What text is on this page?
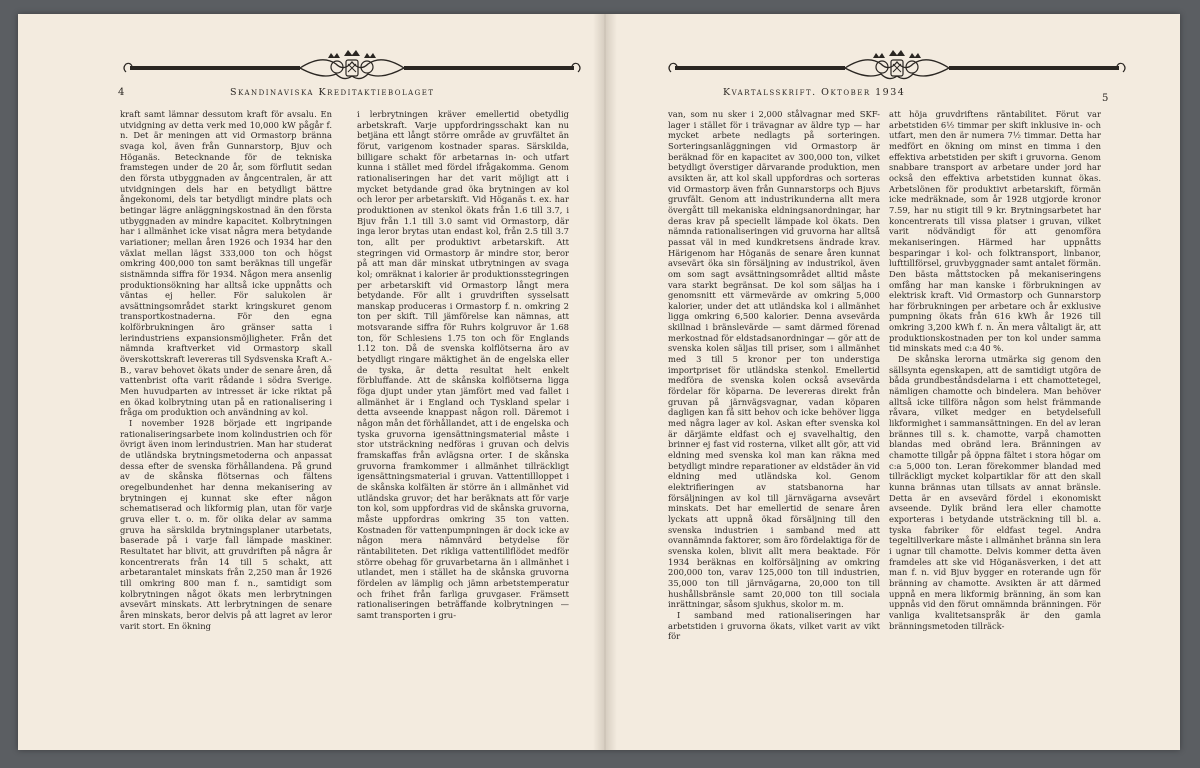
4	Skandinaviska Kreditaktiebolaget

kraft samt lämnar dessutom kraft för avsalu. En utvidgning av detta verk med 10,000 kW pågår f. n. Det är meningen att vid Ormastorp bränna svaga kol, även från Gunnarstorp, Bjuv och Höganäs. Betecknande för de tekniska framstegen under de 20 år, som förflutit sedan den första utbyggnaden av ångcentralen, är att utvidgningen dels har en betydligt bättre ångekonomi, dels tar betydligt mindre plats och betingar lägre anläggningskostnad än den första utbyggnaden av mindre kapacitet. Kolbrytningen har i allmänhet icke visat några mera betydande variationer; mellan åren 1926 och 1934 har den växlat mellan lägst 333,000 ton och högst omkring 400,000 ton samt beräknas till ungefär sistnämnda siffra för 1934. Någon mera ansenlig produktionsökning har alltså icke uppnåtts och väntas ej heller. För salukolen är avsättningsområdet starkt kringskuret genom transportkostnaderna. För den egna kolförbrukningen äro gränser satta i lerindustriens expansionsmöjligheter. Från det nämnda kraftverket vid Ormastorp skall överskottskraft levereras till Sydsvenska Kraft A.-B., varav behovet ökats under de senare åren, då vattenbrist ofta varit rådande i södra Sverige. Men huvudparten av intresset är icke riktat på en ökad kolbrytning utan på en rationalisering i fråga om produktion och användning av kol.

I november 1928 började ett ingripande rationaliseringsarbete inom kolindustrien och för övrigt även inom lerindustrien. Man har studerat de utländska brytningsmetoderna och anpassat dessa efter de svenska förhållandena. På grund av de skånska flötsernas och fältens oregelbundenhet har denna mekanisering av brytningen ej kunnat ske efter någon schematiserad och likformig plan, utan för varje gruva eller t. o. m. för olika delar av samma gruva ha särskilda brytningsplaner utarbetats, baserade på i varje fall lämpade maskiner. Resultatet har blivit, att gruvdriften på några år koncentrerats från 14 till 5 schakt, att arbetarantalet minskats från 2,250 man år 1926 till omkring 800 man f. n., samtidigt som kolbrytningen något ökats men lerbrytningen avsevärt minskats. Att lerbrytningen de senare åren minskats, beror delvis på att lagret av leror varit stort. En ökning

i lerbrytningen kräver emellertid obetydlig arbetskraft. Varje uppfordringsschakt kan nu betjäna ett långt större område av gruvfältet än förut, varigenom kostnader sparas. Särskilda, billigare schakt för arbetarnas in- och utfart kunna i stället med fördel ifrågakomma. Genom rationaliseringen har det varit möjligt att i mycket betydande grad öka brytningen av kol och leror per arbetarskift. Vid Höganäs t. ex. har produktionen av stenkol ökats från 1.6 till 3.7, i Bjuv från 1.1 till 3.0 samt vid Ormastorp, där inga leror brytas utan endast kol, från 2.5 till 3.7 ton, allt per produktivt arbetarskift. Att stegringen vid Ormastorp är mindre stor, beror på att man där minskat utbrytningen av svaga kol; omräknat i kalorier är produktionsstegringen per arbetarskift vid Ormastorp långt mera betydande. För allt i gruvdriften sysselsatt manskap produceras i Ormastorp f. n. omkring 2 ton per skift. Till jämförelse kan nämnas, att motsvarande siffra för Ruhrs kolgruvor är 1.68 ton, för Schlesiens 1.75 ton och för Englands 1.12 ton. Då de svenska kolflötserna äro av betydligt ringare mäktighet än de engelska eller de tyska, är detta resultat helt enkelt förbluffande. Att de skånska kolflötserna ligga föga djupt under ytan jämfört med vad fallet i allmänhet är i England och Tyskland spelar i detta avseende knappast någon roll. Däremot i någon mån det förhållandet, att i de engelska och tyska gruvorna igensättningsmaterial måste i stor utsträckning nedföras i gruvan och delvis framskaffas från avlägsna orter. I de skånska gruvorna framkommer i allmänhet tillräckligt igensättningsmaterial i gruvan. Vattentillloppet i de skånska kolfälten är större än i allmänhet vid utländska gruvor; det har beräknats att för varje ton kol, som uppfordras vid de skånska gruvorna, måste uppfordras omkring 35 ton vatten. Kostnaden för vattenpumpningen är dock icke av någon mera nämnvärd betydelse för räntabiliteten. Det rikliga vattentillflödet medför större obehag för gruvarbetarna än i allmänhet i utlandet, men i stället ha de skånska gruvorna fördelen av lämplig och jämn arbetstemperatur och frihet från farliga gruvgaser. Främsett rationaliseringen beträffande kolbrytningen — samt transporten i gru-

Kvartalsskrift. Oktober 1934
5

van, som nu sker i 2,000 stålvagnar med SKF-lager i stället för i trävagnar av äldre typ — har mycket arbete nedlagts på sorteringen. Sorteringsanläggningen vid Ormastorp är beräknad för en kapacitet av 300,000 ton, vilket betydligt överstiger därvarande produktion, men avsikten är, att kol skall uppfordras och sorteras vid Ormastorp även från Gunnarstorps och Bjuvs gruvfält. Genom att industrikunderna allt mera övergått till mekaniska eldningsanordningar, har deras krav på speciellt lämpade kol ökats. Den nämnda rationaliseringen vid gruvorna har alltså passat väl in med kundkretsens ändrade krav. Härigenom har Höganäs de senare åren kunnat avsevärt öka sin försäljning av industrikol, även om som sagt avsättningsområdet alltid måste vara starkt begränsat. De kol som säljas ha i genomsnitt ett värmevärde av omkring 5,000 kalorier, under det att utländska kol i allmänhet ligga omkring 6,500 kalorier. Denna avsevärda skillnad i bränslevärde — samt därmed förenad merkostnad för eldstadsanordningar — gör att de svenska kolen säljas till priser, som i allmänhet med 3 till 5 kronor per ton understiga importpriset för utländska stenkol. Emellertid medföra de svenska kolen också avsevärda fördelar för köparna. De levereras direkt från gruvan på järnvägsvagnar, vadan köparen dagligen kan få sitt behov och icke behöver ligga med några lager av kol. Askan efter svenska kol är därjämte eldfast och ej svavelhaltig, den brinner ej fast vid rosterna, vilket allt gör, att vid eldning med svenska kol man kan räkna med betydligt mindre reparationer av eldstäder än vid eldning med utländska kol. Genom elektrifieringen av statsbanorna har försäljningen av kol till järnvägarna avsevärt minskats. Det har emellertid de senare åren lyckats att uppnå ökad försäljning till den svenska industrien i samband med att ovannämnda faktorer, som äro fördelaktiga för de svenska kolen, blivit allt mera beaktade. För 1934 beräknas en kolförsäljning av omkring 200,000 ton, varav 125,000 ton till industrien, 35,000 ton till järnvägarna, 20,000 ton till hushållsbränsle samt 20,000 ton till sociala inrättningar, såsom sjukhus, skolor m. m.

I samband med rationaliseringen har arbetstiden i gruvorna ökats, vilket varit av vikt för

att höja gruvdriftens räntabilitet. Förut var arbetstiden 6½ timmar per skift inklusive in- och utfart, men den är numera 7½ timmar. Detta har medfört en ökning om minst en timma i den effektiva arbetstiden per skift i gruvorna. Genom snabbare transport av arbetare under jord har också den effektiva arbetstiden kunnat ökas. Arbetslönen för produktivt arbetarskift, förmän icke medräknade, som år 1928 utgjorde kronor 7.59, har nu stigit till 9 kr. Brytningsarbetet har koncentrerats till vissa platser i gruvan, vilket varit nödvändigt för att genomföra mekaniseringen. Härmed har uppnåtts besparingar i kol- och folktransport, linbanor, lufttillförsel, gruvbyggnader samt antalet förmän. Den bästa måttstocken på mekaniseringens omfång har man kanske i förbrukningen av elektrisk kraft. Vid Ormastorp och Gunnarstorp har förbrukningen per arbetare och år exklusive pumpning ökats från 616 kWh år 1926 till omkring 3,200 kWh f. n. Än mera våltaligt är, att produktionskostnaden per ton kol under samma tid minskats med c:a 40 %.

De skånska lerorna utmärka sig genom den sällsynta egenskapen, att de samtidigt utgöra de båda grundbeståndsdelarna i ett chamottetegel, nämligen chamotte och bindelera. Man behöver alltså icke tillföra någon som helst främmande råvara, vilket medger en betydelsefull likformighet i sammansättningen. En del av leran brännes till s. k. chamotte, varpå chamotten blandas med obränd lera. Bränningen av chamotte tillgår på öppna fältet i stora högar om c:a 5,000 ton. Leran förekommer blandad med tillräckligt mycket kolpartiklar för att den skall kunna brännas utan tillsats av annat bränsle. Detta är en avsevärd fördel i ekonomiskt avseende. Dylik bränd lera eller chamotte exporteras i betydande utsträckning till bl. a. tyska fabriker för eldfast tegel. Andra tegeltillverkare måste i allmänhet bränna sin lera i ugnar till chamotte. Delvis kommer detta även framdeles att ske vid Höganäsverken, i det att man f. n. vid Bjuv bygger en roterande ugn för bränning av chamotte. Avsikten är att därmed uppnå en mera likformig bränning, än som kan uppnås vid den förut omnämnda bränningen. För vanliga kvalitetsanspråk är den gamla bränningsmetoden tillräck-
